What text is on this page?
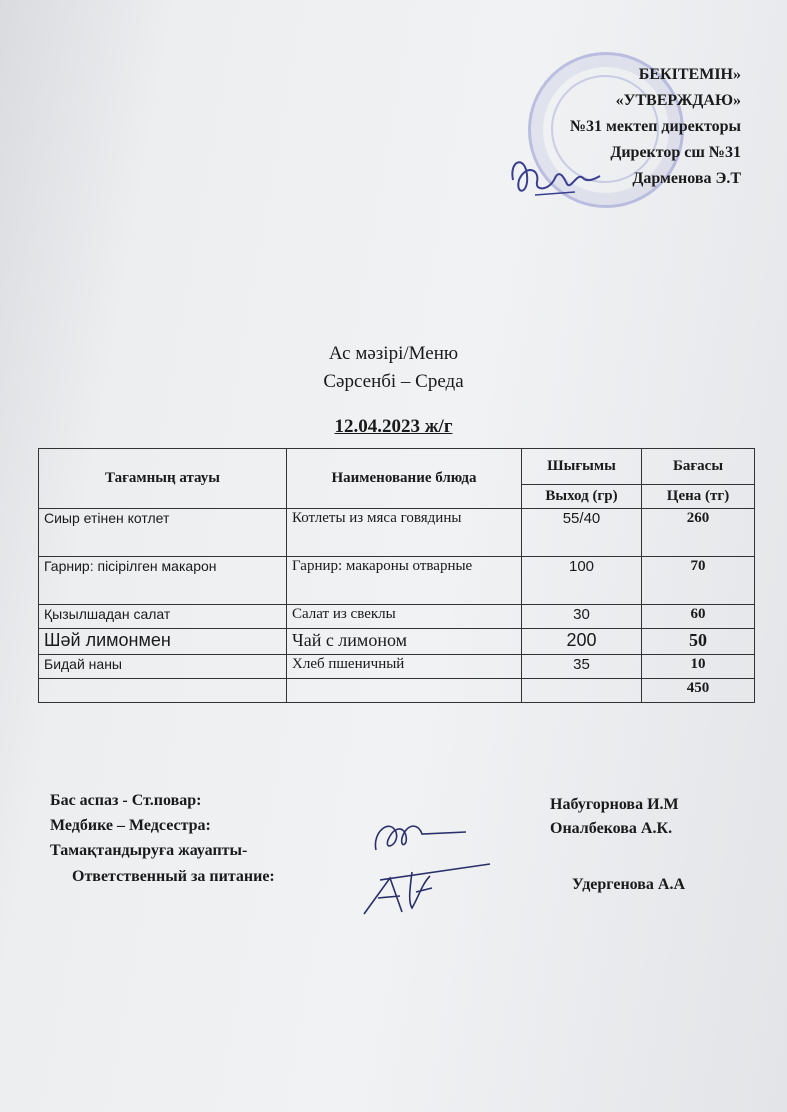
БЕКІТЕМІН»
«УТВЕРЖДАЮ»
№31 мектеп директоры
Директор сш №31
Дарменова Э.Т
Ас мәзірі/Меню
Сәрсенбі – Среда
12.04.2023 ж/г
Тағамның атауы	Наименование блюда	Шығымы	Бағасы
		Выход (гр)	Цена (тг)
Сиыр етінен котлет	Котлеты из мяса говядины	55/40	260
Гарнир: пісірілген макарон	Гарнир: макароны отварные	100	70
Қызылшадан салат	Салат из свеклы	30	60
Шәй лимонмен	Чай с лимоном	200	50
Бидай наны	Хлеб пшеничный	35	10
			450
Бас аспаз - Ст.повар:	Набугорнова И.М
Медбике – Медсестра:	Оналбекова А.К.
Тамақтандыруға жауапты-
Ответственный за питание:	Удергенова А.А
